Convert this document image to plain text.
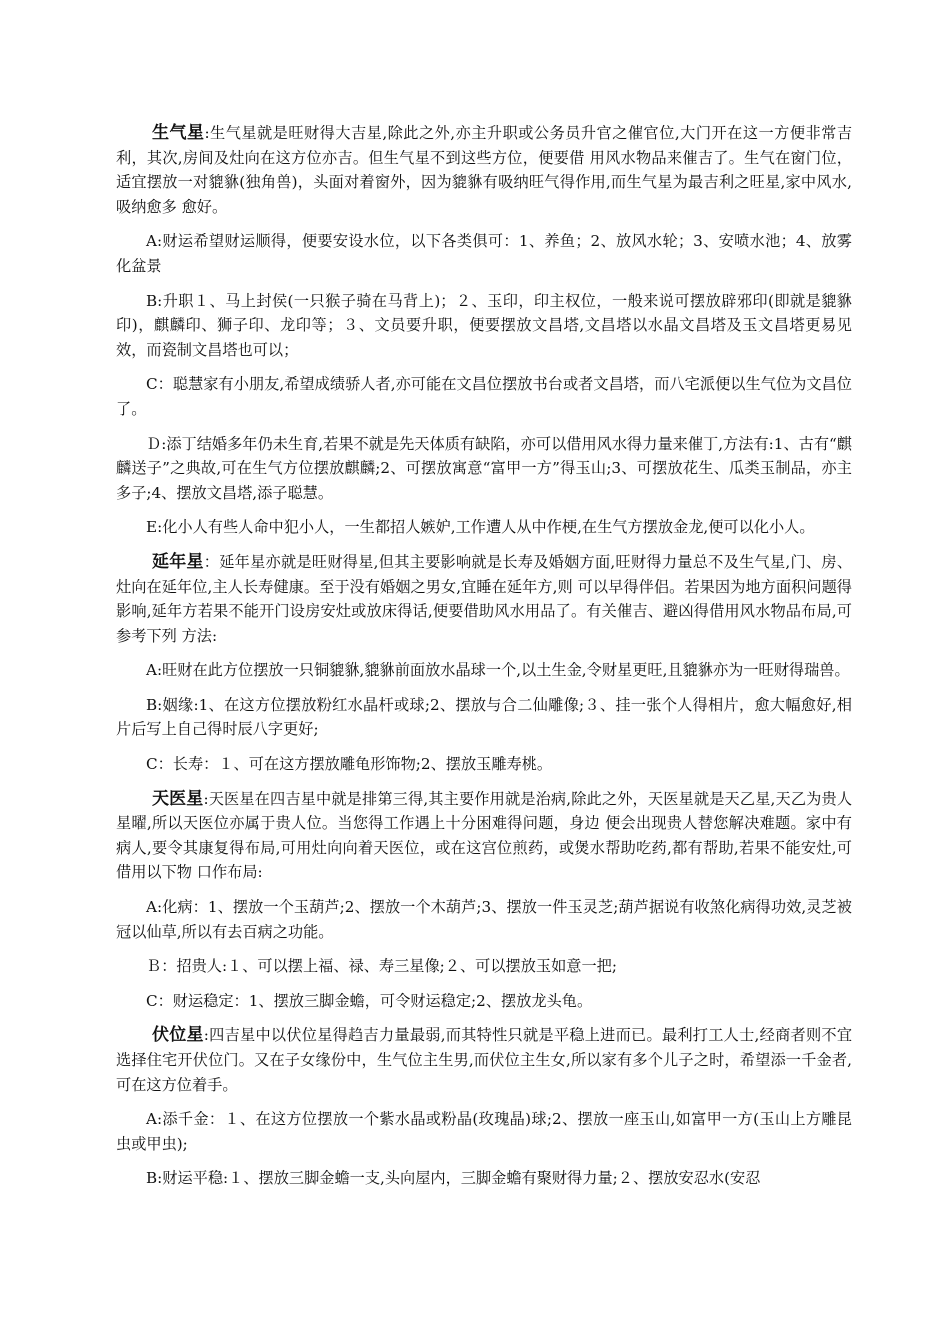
生气星:生气星就是旺财得大吉星,除此之外,亦主升职或公务员升官之催官位,大门开在这一方便非常吉利，其次,房间及灶向在这方位亦吉。但生气星不到这些方位，便要借 用风水物品来催吉了。生气在窗门位，适宜摆放一对貔貅(独角兽)，头面对着窗外，因为貔貅有吸纳旺气得作用,而生气星为最吉利之旺星,家中风水,吸纳愈多 愈好。

A:财运希望财运顺得，便要安设水位，以下各类俱可：1、养鱼；2、放风水轮；3、安喷水池；4、放雾化盆景

B:升职１、马上封侯(一只猴子骑在马背上)；２、玉印，印主权位，一般来说可摆放辟邪印(即就是貔貅印)，麒麟印、狮子印、龙印等；３、文员要升职，便要摆放文昌塔,文昌塔以水晶文昌塔及玉文昌塔更易见效，而瓷制文昌塔也可以；

C：聪慧家有小朋友,希望成绩骄人者,亦可能在文昌位摆放书台或者文昌塔，而八宅派便以生气位为文昌位了。

Ｄ:添丁结婚多年仍未生育,若果不就是先天体质有缺陷，亦可以借用风水得力量来催丁,方法有:1、古有“麒麟送子”之典故,可在生气方位摆放麒麟;2、可摆放寓意“富甲一方”得玉山;3、可摆放花生、瓜类玉制品，亦主多子;4、摆放文昌塔,添子聪慧。

E:化小人有些人命中犯小人，一生都招人嫉妒,工作遭人从中作梗,在生气方摆放金龙,便可以化小人。

延年星：延年星亦就是旺财得星,但其主要影响就是长寿及婚姻方面,旺财得力量总不及生气星,门、房、灶向在延年位,主人长寿健康。至于没有婚姻之男女,宜睡在延年方,则 可以早得伴侣。若果因为地方面积问题得影响,延年方若果不能开门设房安灶或放床得话,便要借助风水用品了。有关催吉、避凶得借用风水物品布局,可参考下列 方法:

A:旺财在此方位摆放一只铜貔貅,貔貅前面放水晶球一个,以土生金,令财星更旺,且貔貅亦为一旺财得瑞兽。

B:姻缘:1、在这方位摆放粉红水晶杆或球;2、摆放与合二仙雕像;３、挂一张个人得相片，愈大幅愈好,相片后写上自己得时辰八字更好;

C：长寿：１、可在这方摆放雕龟形饰物;2、摆放玉雕寿桃。

天医星:天医星在四吉星中就是排第三得,其主要作用就是治病,除此之外，天医星就是天乙星,天乙为贵人星曜,所以天医位亦属于贵人位。当您得工作遇上十分困难得问题，身边 便会出现贵人替您解决难题。家中有病人,要令其康复得布局,可用灶向向着天医位，或在这宫位煎药，或煲水帮助吃药,都有帮助,若果不能安灶,可借用以下物 口作布局:

A:化病：1、摆放一个玉葫芦;2、摆放一个木葫芦;3、摆放一件玉灵芝;葫芦据说有收煞化病得功效,灵芝被冠以仙草,所以有去百病之功能。

Ｂ：招贵人:１、可以摆上福、禄、寿三星像;２、可以摆放玉如意一把;

C：财运稳定：1、摆放三脚金蟾，可令财运稳定;2、摆放龙头龟。

伏位星:四吉星中以伏位星得趋吉力量最弱,而其特性只就是平稳上进而已。最利打工人士,经商者则不宜选择住宅开伏位门。又在子女缘份中，生气位主生男,而伏位主生女,所以家有多个儿子之时，希望添一千金者,可在这方位着手。

A:添千金：１、在这方位摆放一个紫水晶或粉晶(玫瑰晶)球;2、摆放一座玉山,如富甲一方(玉山上方雕昆虫或甲虫);

B:财运平稳:１、摆放三脚金蟾一支,头向屋内，三脚金蟾有聚财得力量;２、摆放安忍水(安忍
